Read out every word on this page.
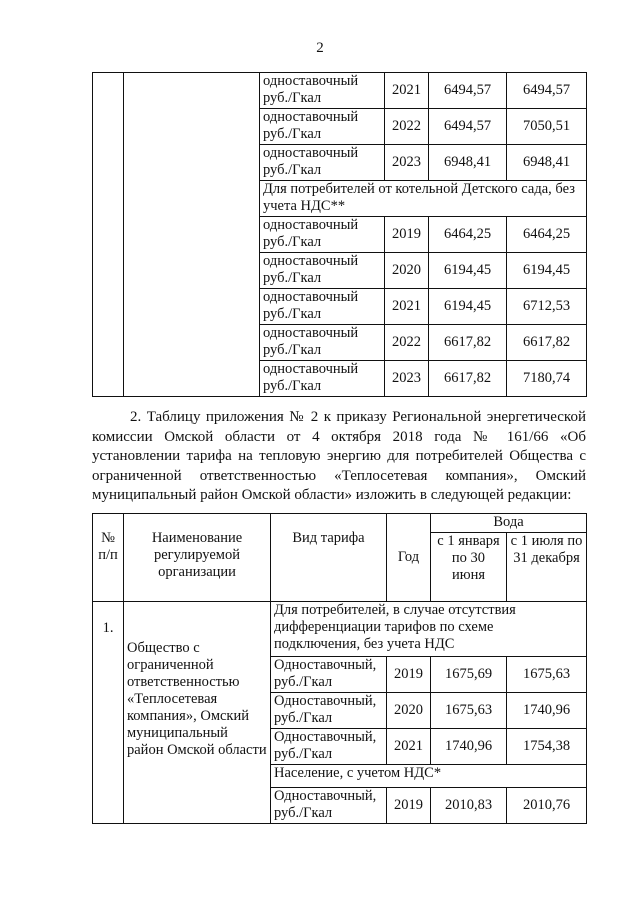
2
		одноставочный руб./Гкал	2021	6494,57	6494,57
		одноставочный руб./Гкал	2022	6494,57	7050,51
		одноставочный руб./Гкал	2023	6948,41	6948,41
		Для потребителей от котельной Детского сада, без учета НДС**			
		одноставочный руб./Гкал	2019	6464,25	6464,25
		одноставочный руб./Гкал	2020	6194,45	6194,45
		одноставочный руб./Гкал	2021	6194,45	6712,53
		одноставочный руб./Гкал	2022	6617,82	6617,82
		одноставочный руб./Гкал	2023	6617,82	7180,74
2. Таблицу приложения № 2 к приказу Региональной энергетической комиссии Омской области от 4 октября 2018 года № 161/66 «Об установлении тарифа на тепловую энергию для потребителей Общества с ограниченной ответственностью «Теплосетевая компания», Омский муниципальный район Омской области» изложить в следующей редакции:
№ п/п	Наименование регулируемой организации	Вид тарифа	Год	Вода	
				с 1 января по 30 июня	с 1 июля по 31 декабря
1.	Общество с ограниченной ответственностью «Теплосетевая компания», Омский муниципальный район Омской области	Для потребителей, в случае отсутствия дифференциации тарифов по схеме подключения, без учета НДС			
		Одноставочный, руб./Гкал	2019	1675,69	1675,63
		Одноставочный, руб./Гкал	2020	1675,63	1740,96
		Одноставочный, руб./Гкал	2021	1740,96	1754,38
		Население, с учетом НДС*			
		Одноставочный, руб./Гкал	2019	2010,83	2010,76
